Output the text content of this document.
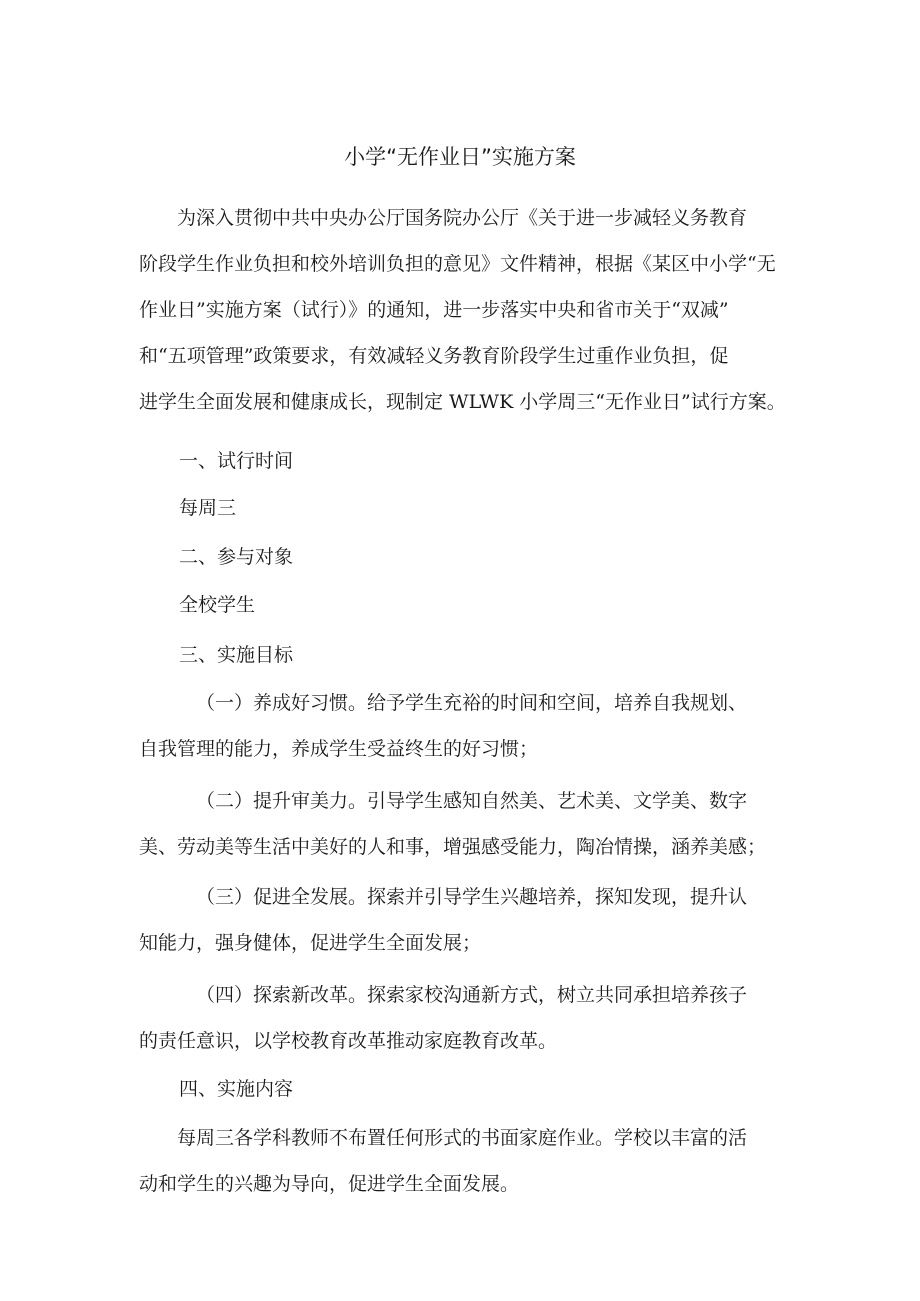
小学“无作业日”实施方案
为深入贯彻中共中央办公厅国务院办公厅《关于进一步减轻义务教育
阶段学生作业负担和校外培训负担的意见》文件精神，根据《某区中小学“无
作业日”实施方案（试行）》的通知，进一步落实中央和省市关于“双减”
和“五项管理”政策要求，有效减轻义务教育阶段学生过重作业负担，促
进学生全面发展和健康成长，现制定 WLWK 小学周三“无作业日”试行方案。
一、试行时间
每周三
二、参与对象
全校学生
三、实施目标
（一）养成好习惯。给予学生充裕的时间和空间，培养自我规划、
自我管理的能力，养成学生受益终生的好习惯；
（二）提升审美力。引导学生感知自然美、艺术美、文学美、数字
美、劳动美等生活中美好的人和事，增强感受能力，陶冶情操，涵养美感；
（三）促进全发展。探索并引导学生兴趣培养，探知发现，提升认
知能力，强身健体，促进学生全面发展；
（四）探索新改革。探索家校沟通新方式，树立共同承担培养孩子
的责任意识，以学校教育改革推动家庭教育改革。
四、实施内容
每周三各学科教师不布置任何形式的书面家庭作业。学校以丰富的活
动和学生的兴趣为导向，促进学生全面发展。
